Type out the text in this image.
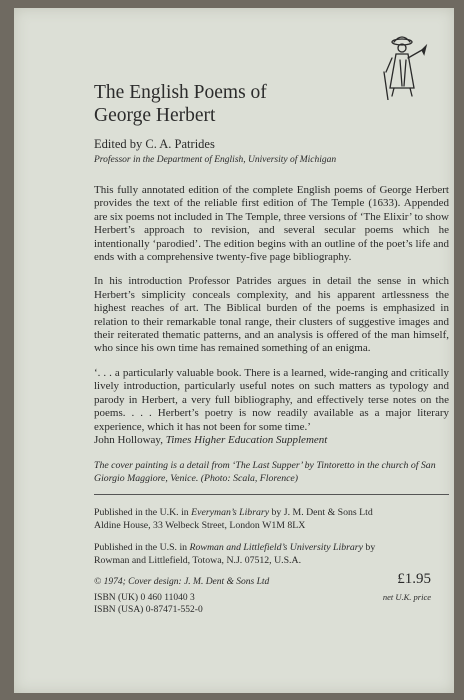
The English Poems of
George Herbert
Edited by C. A. Patrides
Professor in the Department of English, University of Michigan

This fully annotated edition of the complete English poems of George Herbert provides the text of the reliable first edition of The Temple (1633). Appended are six poems not included in The Temple, three versions of ‘The Elixir’ to show Herbert’s approach to revision, and several secular poems which he intentionally ‘parodied’. The edition begins with an outline of the poet’s life and ends with a comprehensive twenty-five page bibliography.

In his introduction Professor Patrides argues in detail the sense in which Herbert’s simplicity conceals complexity, and his apparent artlessness the highest reaches of art. The Biblical burden of the poems is emphasized in relation to their remarkable tonal range, their clusters of suggestive images and their reiterated thematic patterns, and an analysis is offered of the man himself, who since his own time has remained something of an enigma.

‘. . . a particularly valuable book. There is a learned, wide-ranging and critically lively introduction, particularly useful notes on such matters as typology and parody in Herbert, a very full bibliography, and effectively terse notes on the poems. . . . Herbert’s poetry is now readily available as a major literary experience, which it has not been for some time.’

John Holloway, Times Higher Education Supplement
The cover painting is a detail from ‘The Last Supper’ by Tintoretto in the church of San Giorgio Maggiore, Venice. (Photo: Scala, Florence)
Published in the U.K. in Everyman’s Library by J. M. Dent & Sons Ltd
Aldine House, 33 Welbeck Street, London W1M 8LX
Published in the U.S. in Rowman and Littlefield’s University Library by
Rowman and Littlefield, Totowa, N.J. 07512, U.S.A.
© 1974; Cover design: J. M. Dent & Sons Ltd
ISBN (UK) 0 460 11040 3
ISBN (USA) 0-87471-552-0
£1.95
net U.K. price
